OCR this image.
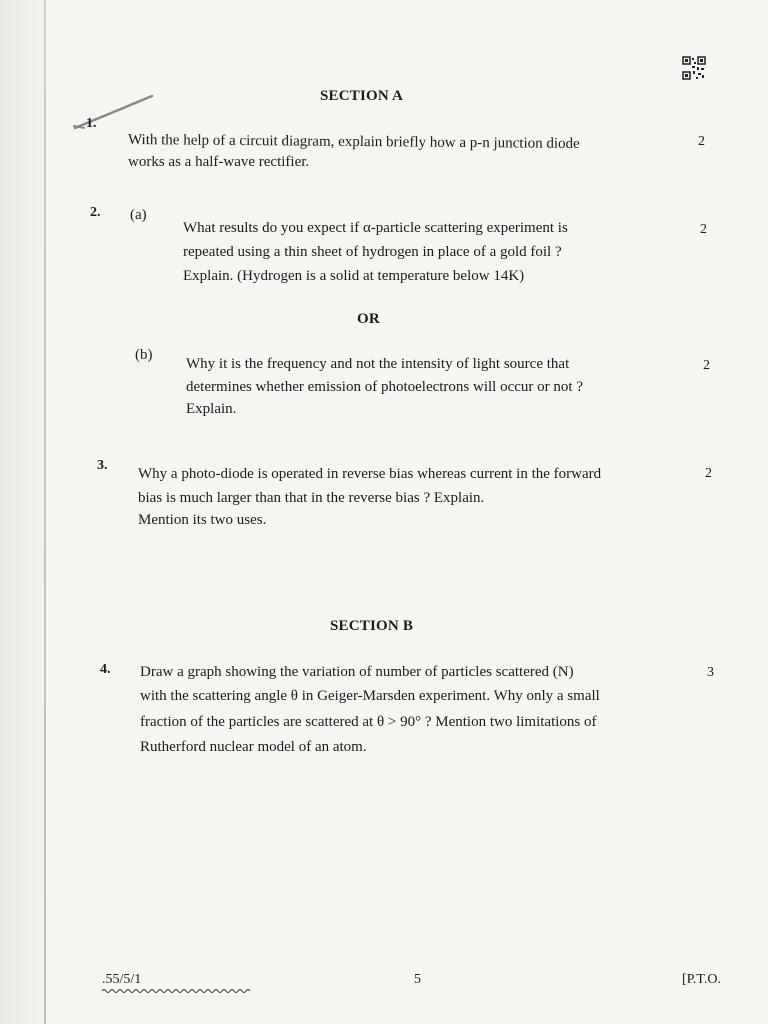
SECTION A
1.
With the help of a circuit diagram, explain briefly how a p-n junction diode
works as a half-wave rectifier.
2
2. (a)
What results do you expect if α-particle scattering experiment is
repeated using a thin sheet of hydrogen in place of a gold foil ?
Explain. (Hydrogen is a solid at temperature below 14K)
2
OR
(b)
Why it is the frequency and not the intensity of light source that
determines whether emission of photoelectrons will occur or not ?
Explain.
2
3.
Why a photo-diode is operated in reverse bias whereas current in the forward
bias is much larger than that in the reverse bias ? Explain.
Mention its two uses.
2
SECTION B
4. Draw a graph showing the variation of number of particles scattered (N)
with the scattering angle θ in Geiger-Marsden experiment. Why only a small
fraction of the particles are scattered at θ > 90° ? Mention two limitations of
Rutherford nuclear model of an atom.
3
.55/5/1	5	[P.T.O.
